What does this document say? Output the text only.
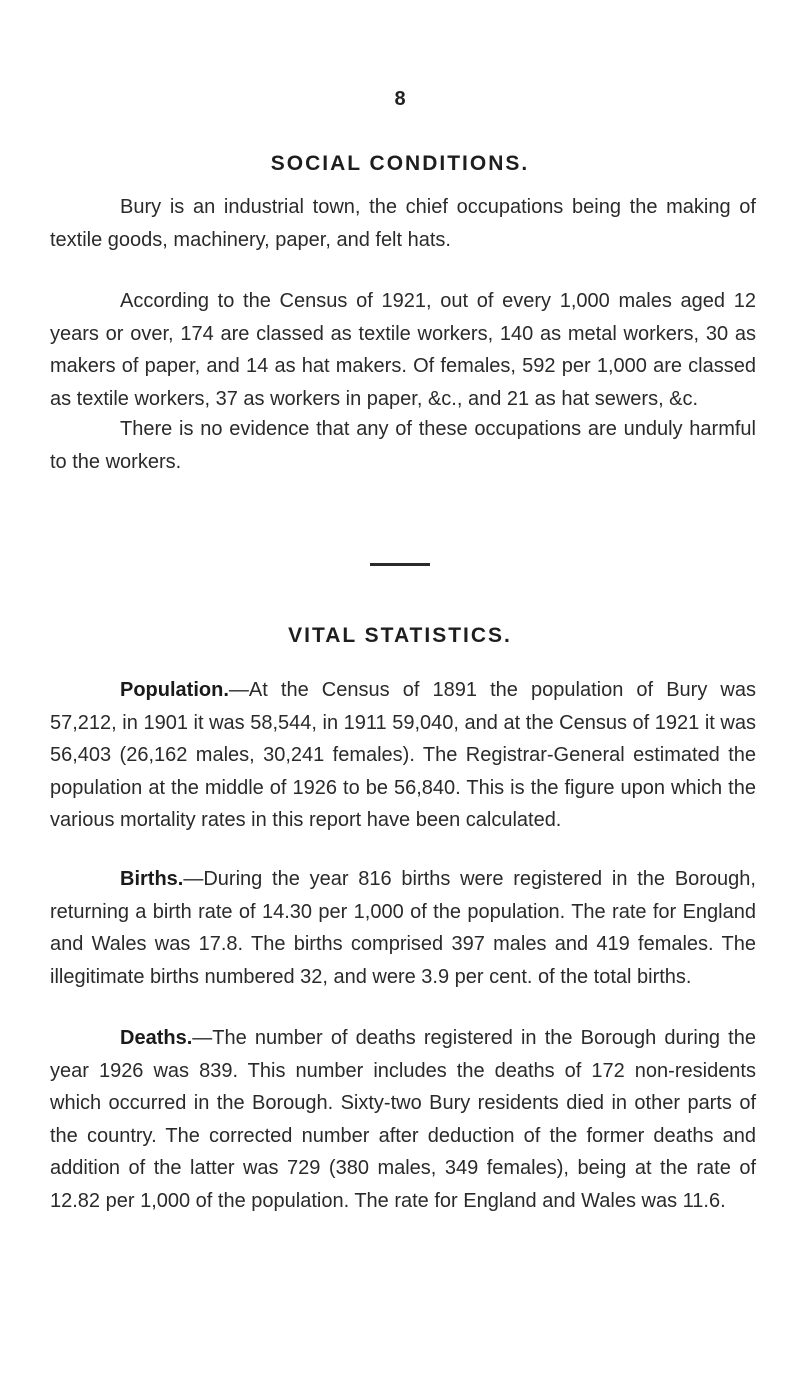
8
SOCIAL CONDITIONS.

Bury is an industrial town, the chief occupations being the making of textile goods, machinery, paper, and felt hats.

According to the Census of 1921, out of every 1,000 males aged 12 years or over, 174 are classed as textile workers, 140 as metal workers, 30 as makers of paper, and 14 as hat makers. Of females, 592 per 1,000 are classed as textile workers, 37 as workers in paper, &c., and 21 as hat sewers, &c.

There is no evidence that any of these occupations are unduly harmful to the workers.

VITAL STATISTICS.

Population.—At the Census of 1891 the population of Bury was 57,212, in 1901 it was 58,544, in 1911 59,040, and at the Census of 1921 it was 56,403 (26,162 males, 30,241 females). The Registrar-General estimated the population at the middle of 1926 to be 56,840. This is the figure upon which the various mortality rates in this report have been calculated.

Births.—During the year 816 births were registered in the Borough, returning a birth rate of 14.30 per 1,000 of the population. The rate for England and Wales was 17.8. The births comprised 397 males and 419 females. The illegitimate births numbered 32, and were 3.9 per cent. of the total births.

Deaths.—The number of deaths registered in the Borough during the year 1926 was 839. This number includes the deaths of 172 non-residents which occurred in the Borough. Sixty-two Bury residents died in other parts of the country. The corrected number after deduction of the former deaths and addition of the latter was 729 (380 males, 349 females), being at the rate of 12.82 per 1,000 of the population. The rate for England and Wales was 11.6.
